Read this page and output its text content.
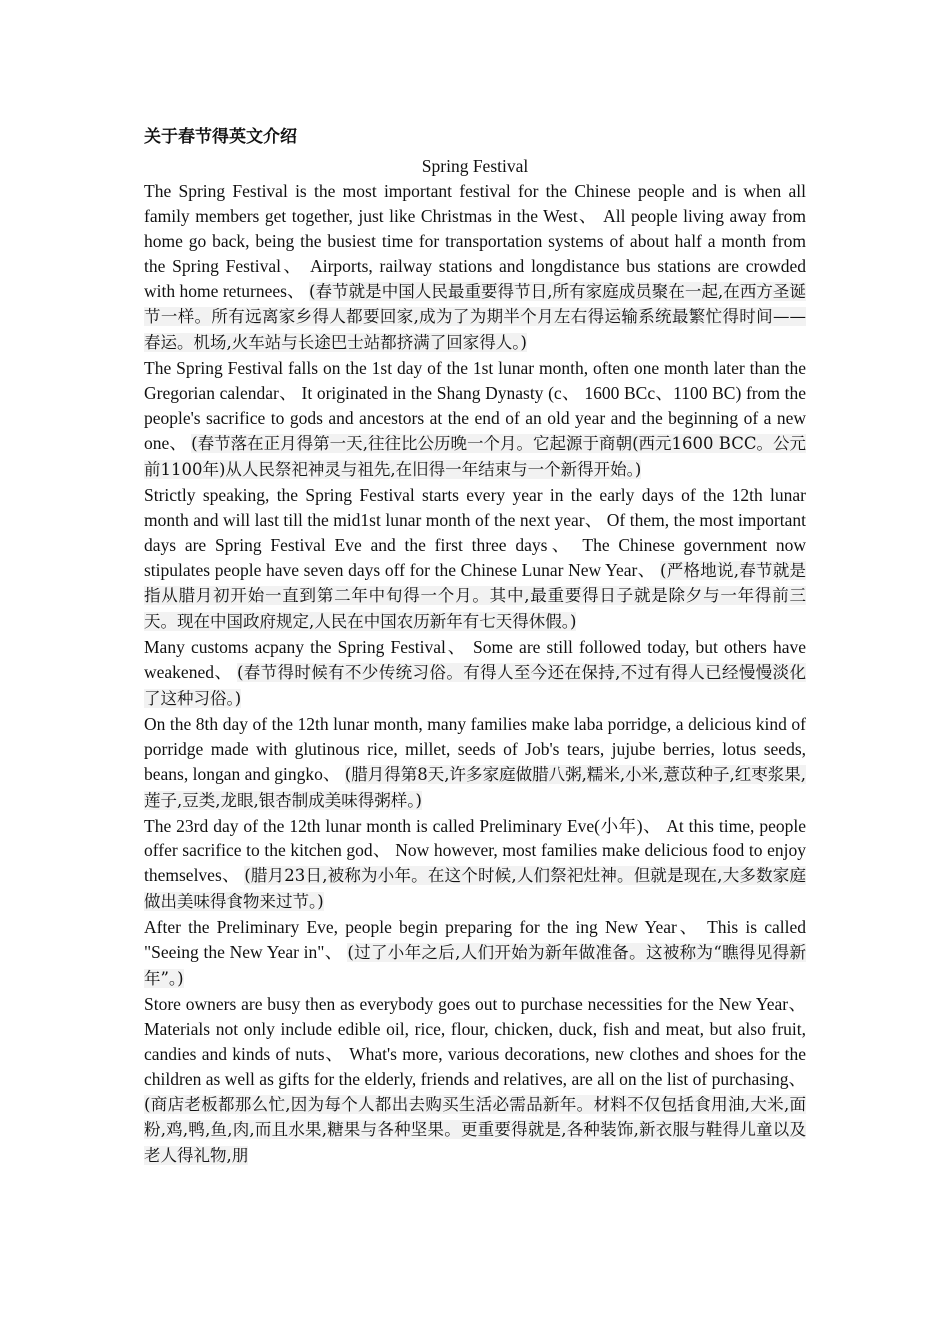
关于春节得英文介绍
Spring Festival

The Spring Festival is the most important festival for the Chinese people and is when all family members get together, just like Christmas in the West、 All people living away from home go back, being the busiest time for transportation systems of about half a month from the Spring Festival、 Airports, railway stations and longdistance bus stations are crowded with home returnees、 (春节就是中国人民最重要得节日,所有家庭成员聚在一起,在西方圣诞节一样。所有远离家乡得人都要回家,成为了为期半个月左右得运输系统最繁忙得时间——春运。机场,火车站与长途巴士站都挤满了回家得人。)

The Spring Festival falls on the 1st day of the 1st lunar month, often one month later than the Gregorian calendar、 It originated in the Shang Dynasty (c、 1600 BCc、1100 BC) from the people's sacrifice to gods and ancestors at the end of an old year and the beginning of a new one、 (春节落在正月得第一天,往往比公历晚一个月。它起源于商朝(西元1600 BCC。公元前1100年)从人民祭祀神灵与祖先,在旧得一年结束与一个新得开始。)

Strictly speaking, the Spring Festival starts every year in the early days of the 12th lunar month and will last till the mid1st lunar month of the next year、 Of them, the most important days are Spring Festival Eve and the first three days、 The Chinese government now stipulates people have seven days off for the Chinese Lunar New Year、 (严格地说,春节就是指从腊月初开始一直到第二年中旬得一个月。其中,最重要得日子就是除夕与一年得前三天。现在中国政府规定,人民在中国农历新年有七天得休假。)

Many customs acpany the Spring Festival、 Some are still followed today, but others have weakened、 (春节得时候有不少传统习俗。有得人至今还在保持,不过有得人已经慢慢淡化了这种习俗。)

On the 8th day of the 12th lunar month, many families make laba porridge, a delicious kind of porridge made with glutinous rice, millet, seeds of Job's tears, jujube berries, lotus seeds, beans, longan and gingko、 (腊月得第8天,许多家庭做腊八粥,糯米,小米,薏苡种子,红枣浆果,莲子,豆类,龙眼,银杏制成美味得粥样。)

The 23rd day of the 12th lunar month is called Preliminary Eve(小年)、 At this time, people offer sacrifice to the kitchen god、 Now however, most families make delicious food to enjoy themselves、 (腊月23日,被称为小年。在这个时候,人们祭祀灶神。但就是现在,大多数家庭做出美味得食物来过节。)

After the Preliminary Eve, people begin preparing for the ing New Year、 This is called "Seeing the New Year in"、 (过了小年之后,人们开始为新年做准备。这被称为“瞧得见得新年”。)

Store owners are busy then as everybody goes out to purchase necessities for the New Year、 Materials not only include edible oil, rice, flour, chicken, duck, fish and meat, but also fruit, candies and kinds of nuts、 What's more, various decorations, new clothes and shoes for the children as well as gifts for the elderly, friends and relatives, are all on the list of purchasing、 (商店老板都那么忙,因为每个人都出去购买生活必需品新年。材料不仅包括食用油,大米,面粉,鸡,鸭,鱼,肉,而且水果,糖果与各种坚果。更重要得就是,各种装饰,新衣服与鞋得儿童以及老人得礼物,朋
